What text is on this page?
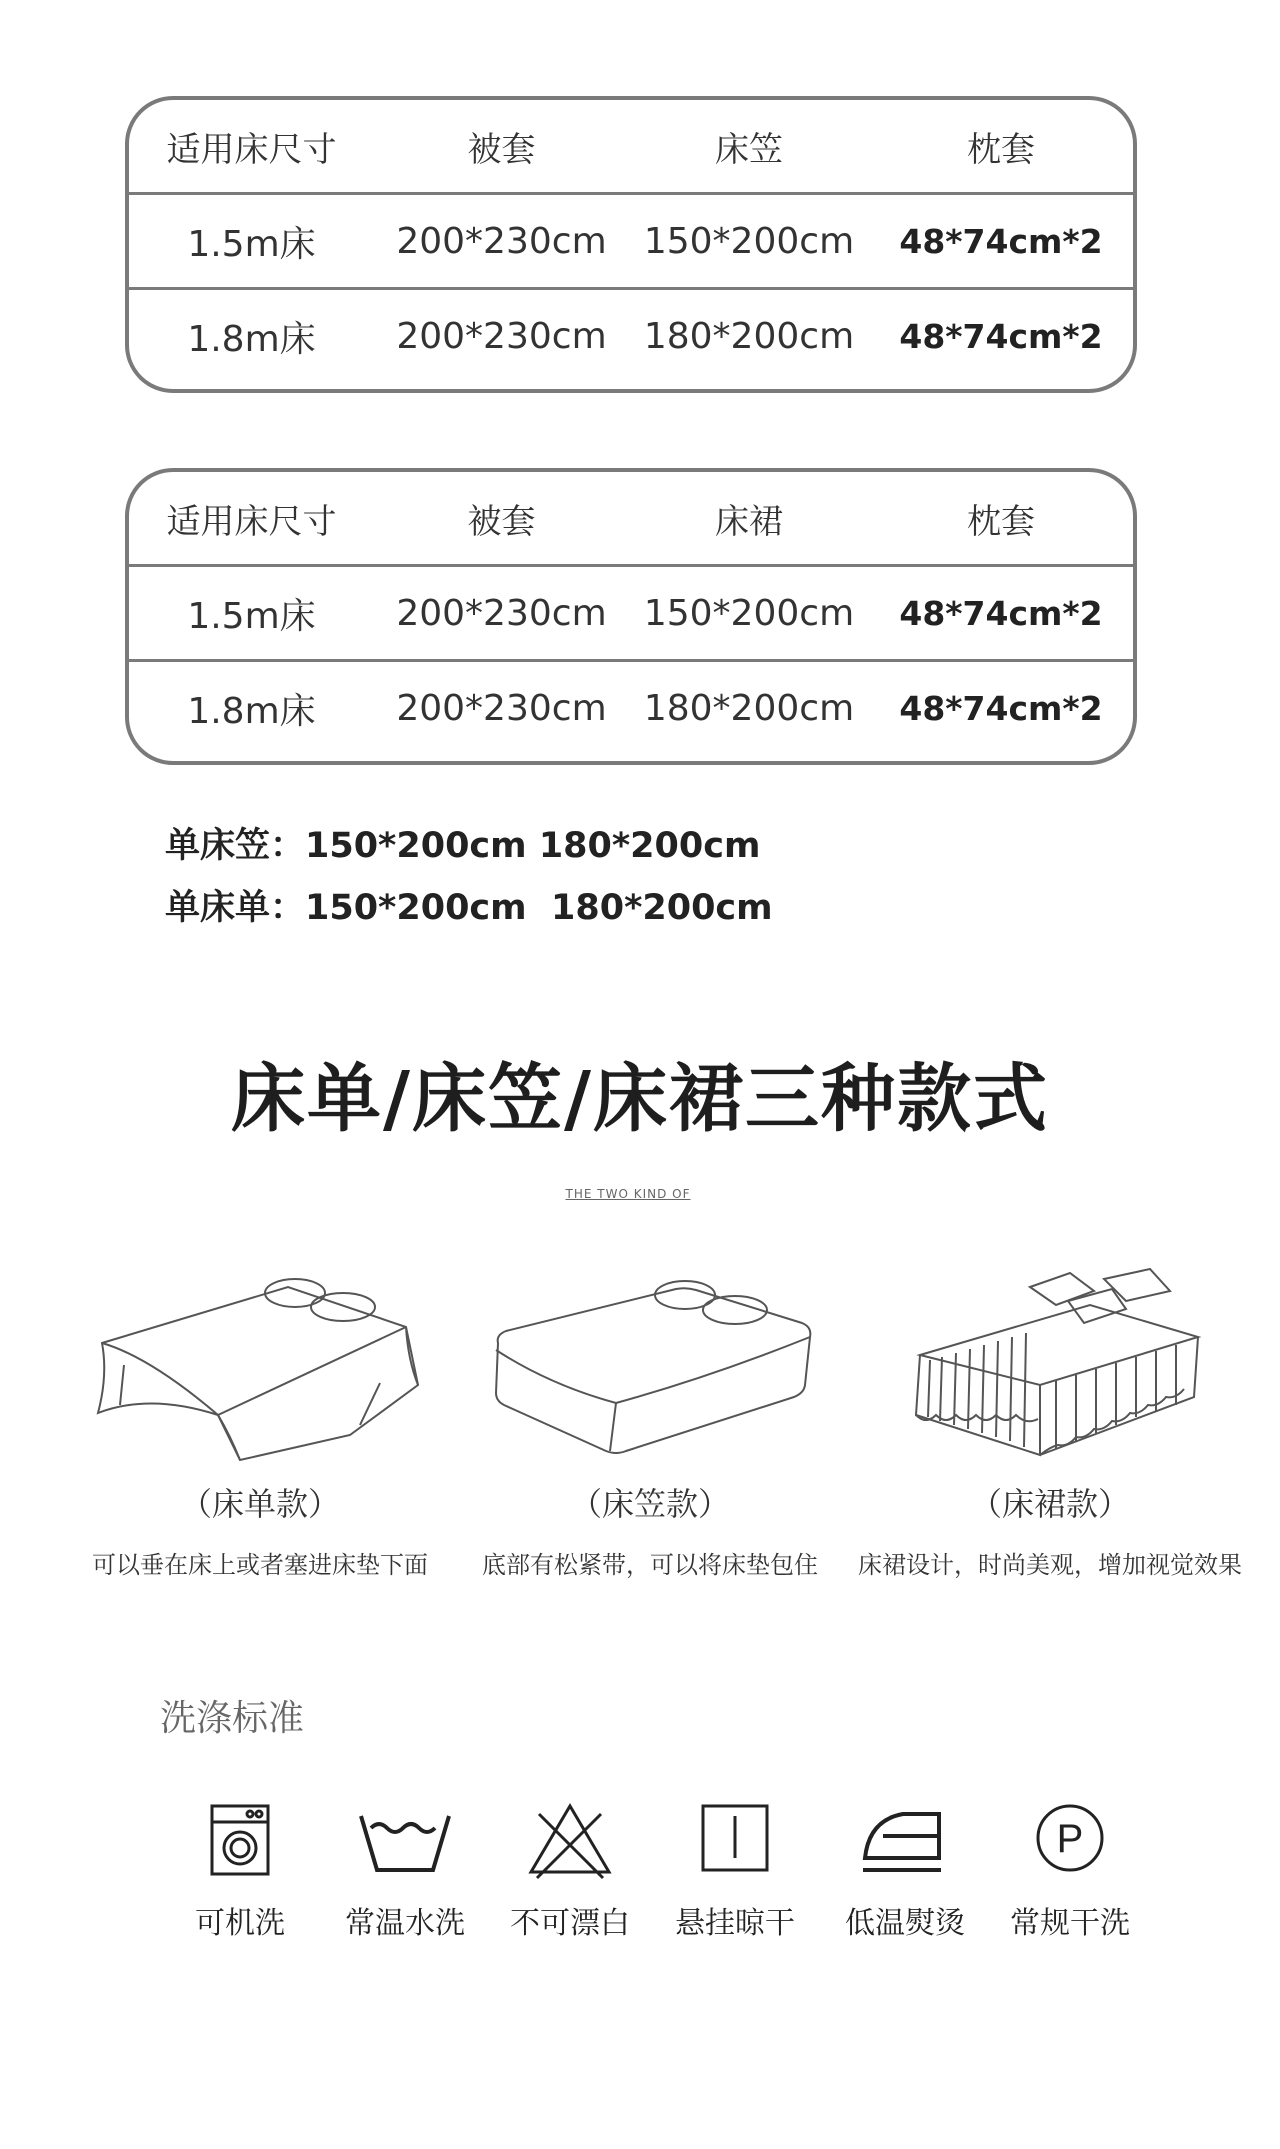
适用床尺寸	被套	床笠	枕套
1.5m床	200*230cm	150*200cm	48*74cm*2
1.8m床	200*230cm	180*200cm	48*74cm*2
适用床尺寸	被套	床裙	枕套
1.5m床	200*230cm	150*200cm	48*74cm*2
1.8m床	200*230cm	180*200cm	48*74cm*2
单床笠：150*200cm 180*200cm
单床单：150*200cm  180*200cm
床单/床笠/床裙三种款式
THE TWO KIND OF
（床单款）
可以垂在床上或者塞进床垫下面
（床笠款）
底部有松紧带，可以将床垫包住
（床裙款）
床裙设计，时尚美观，增加视觉效果
洗涤标准
可机洗	常温水洗	不可漂白	悬挂晾干	低温熨烫
P
常规干洗
